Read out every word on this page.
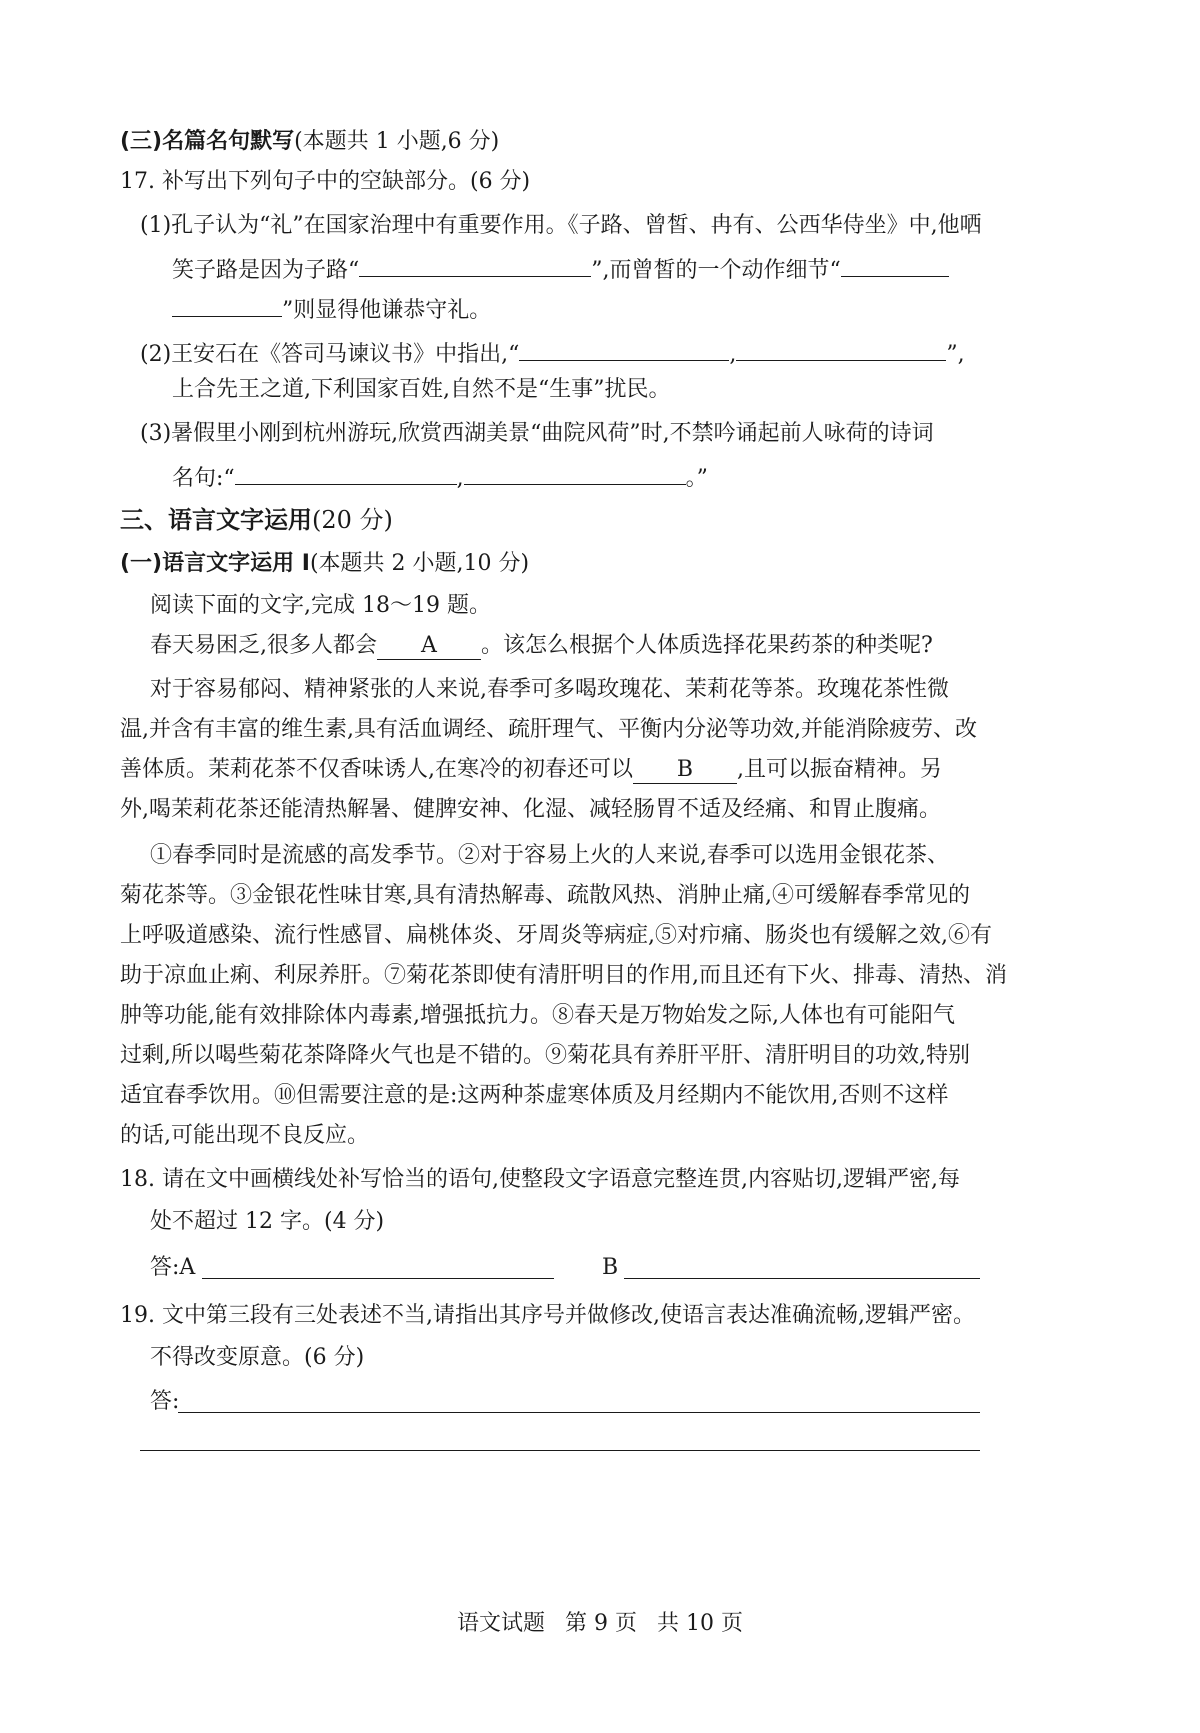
(三)名篇名句默写(本题共 1 小题,6 分)
17. 补写出下列句子中的空缺部分。(6 分)
(1)孔子认为“礼”在国家治理中有重要作用。《子路、曾皙、冉有、公西华侍坐》中,他哂
笑子路是因为子路“	”,而曾皙的一个动作细节“
”则显得他谦恭守礼。
(2)王安石在《答司马谏议书》中指出,“	,	”,
上合先王之道,下利国家百姓,自然不是“生事”扰民。
(3)暑假里小刚到杭州游玩,欣赏西湖美景“曲院风荷”时,不禁吟诵起前人咏荷的诗词
名句:“	,	。”
三、语言文字运用(20 分)
(一)语言文字运用 Ⅰ(本题共 2 小题,10 分)
阅读下面的文字,完成 18～19 题。
春天易困乏,很多人都会 A 。该怎么根据个人体质选择花果药茶的种类呢?
对于容易郁闷、精神紧张的人来说,春季可多喝玫瑰花、茉莉花等茶。玫瑰花茶性微
温,并含有丰富的维生素,具有活血调经、疏肝理气、平衡内分泌等功效,并能消除疲劳、改
善体质。茉莉花茶不仅香味诱人,在寒冷的初春还可以 B ,且可以振奋精神。另
外,喝茉莉花茶还能清热解暑、健脾安神、化湿、减轻肠胃不适及经痛、和胃止腹痛。
①春季同时是流感的高发季节。②对于容易上火的人来说,春季可以选用金银花茶、
菊花茶等。③金银花性味甘寒,具有清热解毒、疏散风热、消肿止痛,④可缓解春季常见的
上呼吸道感染、流行性感冒、扁桃体炎、牙周炎等病症,⑤对疖痛、肠炎也有缓解之效,⑥有
助于凉血止痢、利尿养肝。⑦菊花茶即使有清肝明目的作用,而且还有下火、排毒、清热、消
肿等功能,能有效排除体内毒素,增强抵抗力。⑧春天是万物始发之际,人体也有可能阳气
过剩,所以喝些菊花茶降降火气也是不错的。⑨菊花具有养肝平肝、清肝明目的功效,特别
适宜春季饮用。⑩但需要注意的是:这两种茶虚寒体质及月经期内不能饮用,否则不这样
的话,可能出现不良反应。
18. 请在文中画横线处补写恰当的语句,使整段文字语意完整连贯,内容贴切,逻辑严密,每
处不超过 12 字。(4 分)
答:A	B
19. 文中第三段有三处表述不当,请指出其序号并做修改,使语言表达准确流畅,逻辑严密。
不得改变原意。(6 分)
答:
语文试题 第 9 页 共 10 页
